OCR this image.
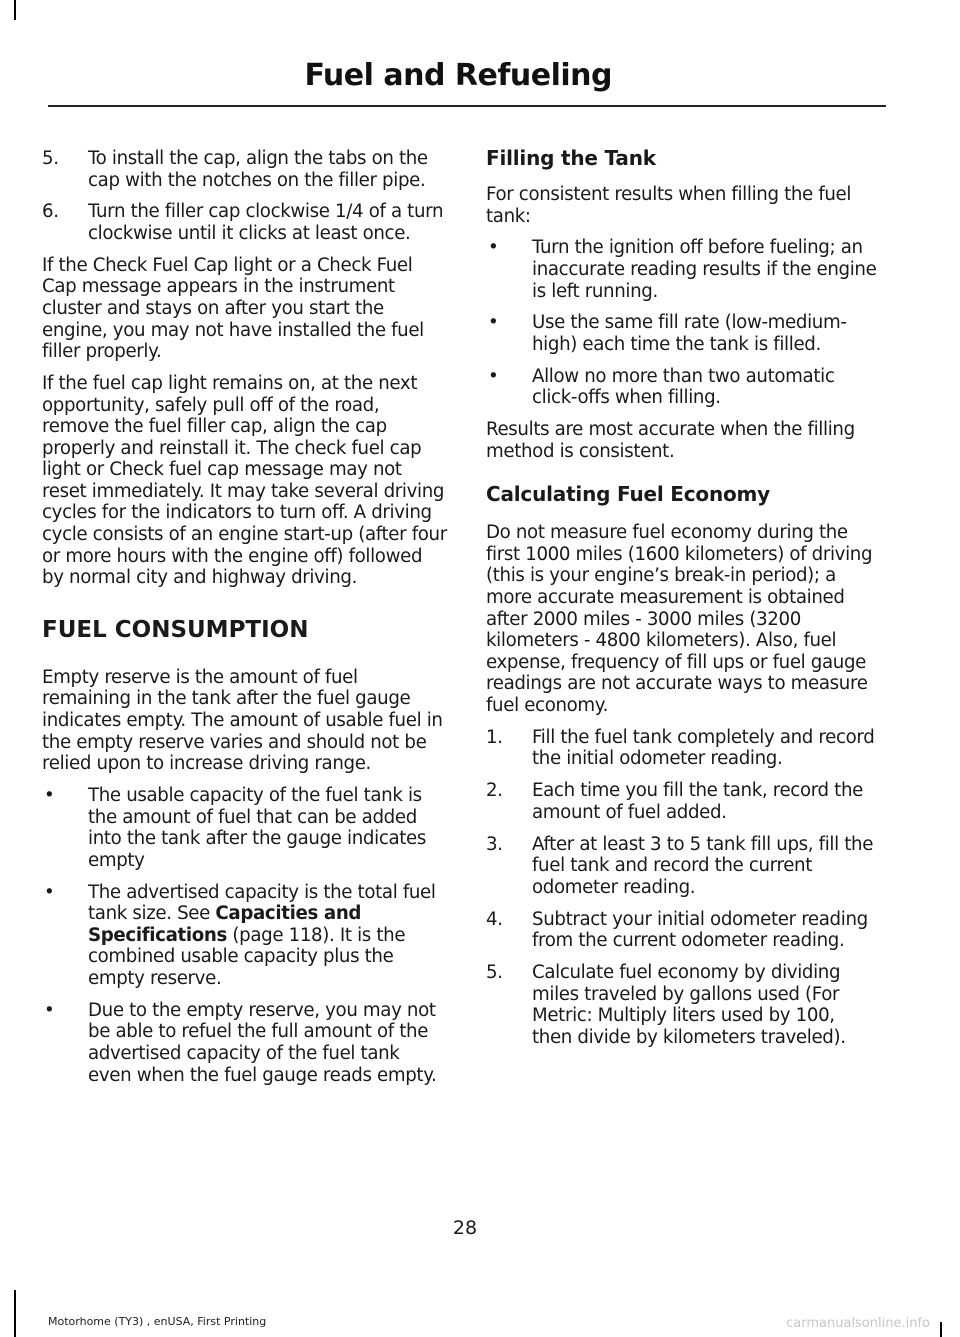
Fuel and Refueling
5. To install the cap, align the tabs on the cap with the notches on the filler pipe.
6. Turn the filler cap clockwise 1/4 of a turn clockwise until it clicks at least once.

If the Check Fuel Cap light or a Check Fuel Cap message appears in the instrument cluster and stays on after you start the engine, you may not have installed the fuel filler properly.

If the fuel cap light remains on, at the next opportunity, safely pull off of the road, remove the fuel filler cap, align the cap properly and reinstall it. The check fuel cap light or Check fuel cap message may not reset immediately. It may take several driving cycles for the indicators to turn off. A driving cycle consists of an engine start-up (after four or more hours with the engine off) followed by normal city and highway driving.

FUEL CONSUMPTION

Empty reserve is the amount of fuel remaining in the tank after the fuel gauge indicates empty. The amount of usable fuel in the empty reserve varies and should not be relied upon to increase driving range.

• The usable capacity of the fuel tank is the amount of fuel that can be added into the tank after the gauge indicates empty
• The advertised capacity is the total fuel tank size. See Capacities and Specifications (page 118). It is the combined usable capacity plus the empty reserve.
• Due to the empty reserve, you may not be able to refuel the full amount of the advertised capacity of the fuel tank even when the fuel gauge reads empty.
Filling the Tank

For consistent results when filling the fuel tank:

• Turn the ignition off before fueling; an inaccurate reading results if the engine is left running.
• Use the same fill rate (low-medium-high) each time the tank is filled.
• Allow no more than two automatic click-offs when filling.

Results are most accurate when the filling method is consistent.

Calculating Fuel Economy

Do not measure fuel economy during the first 1000 miles (1600 kilometers) of driving (this is your engine’s break-in period); a more accurate measurement is obtained after 2000 miles - 3000 miles (3200 kilometers - 4800 kilometers). Also, fuel expense, frequency of fill ups or fuel gauge readings are not accurate ways to measure fuel economy.

1. Fill the fuel tank completely and record the initial odometer reading.
2. Each time you fill the tank, record the amount of fuel added.
3. After at least 3 to 5 tank fill ups, fill the fuel tank and record the current odometer reading.
4. Subtract your initial odometer reading from the current odometer reading.
5. Calculate fuel economy by dividing miles traveled by gallons used (For Metric: Multiply liters used by 100, then divide by kilometers traveled).
28
Motorhome (TY3) , enUSA, First Printing	carmanualsonline.info
